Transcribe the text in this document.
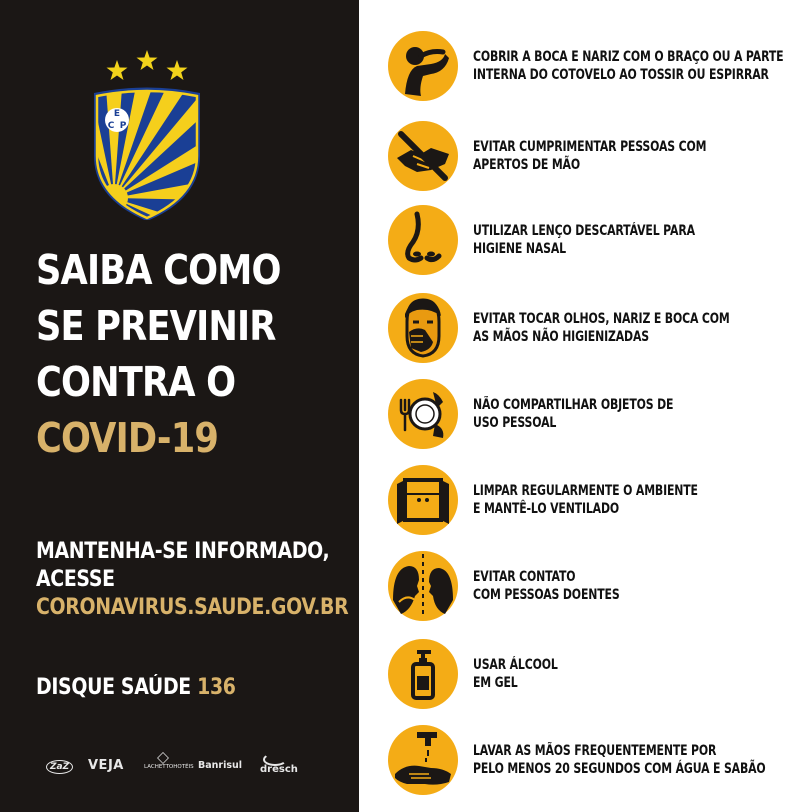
E
C P
SAIBA COMO
SE PREVINIR
CONTRA O
COVID-19
MANTENHA-SE INFORMADO,
ACESSE
CORONAVIRUS.SAUDE.GOV.BR
DISQUE SAÚDE 136
ZaZ	VEJA	LACHETTOHOTÉIS Banrisul dresch
COBRIR A BOCA E NARIZ COM O BRAÇO OU A PARTE
INTERNA DO COTOVELO AO TOSSIR OU ESPIRRAR
EVITAR CUMPRIMENTAR PESSOAS COM
APERTOS DE MÃO
UTILIZAR LENÇO DESCARTÁVEL PARA
HIGIENE NASAL
EVITAR TOCAR OLHOS, NARIZ E BOCA COM
AS MÃOS NÃO HIGIENIZADAS
NÃO COMPARTILHAR OBJETOS DE
USO PESSOAL
LIMPAR REGULARMENTE O AMBIENTE
E MANTÊ-LO VENTILADO
EVITAR CONTATO
COM PESSOAS DOENTES
USAR ÁLCOOL
EM GEL
LAVAR AS MÃOS FREQUENTEMENTE POR
PELO MENOS 20 SEGUNDOS COM ÁGUA E SABÃO
